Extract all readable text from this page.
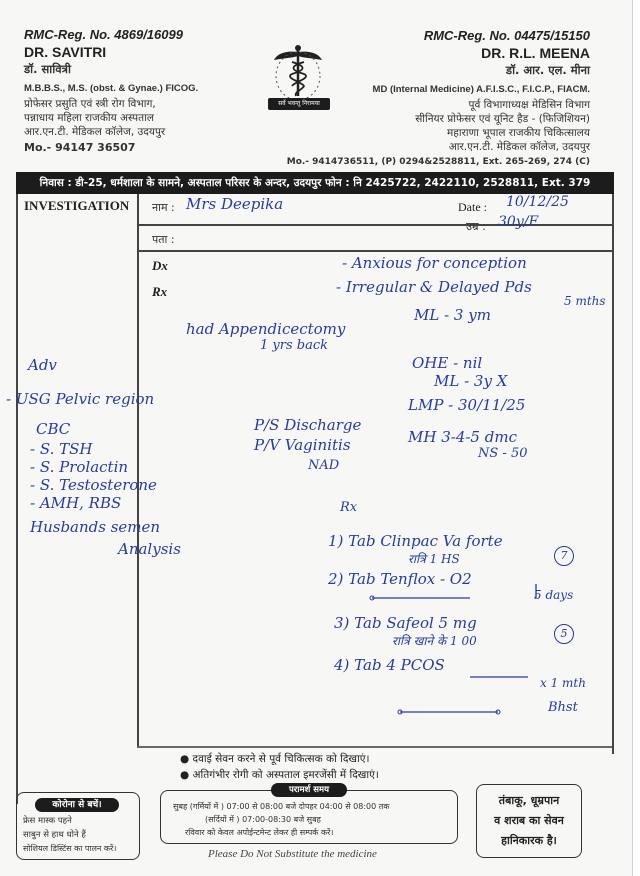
RMC-Reg. No. 4869/16099
DR. SAVITRI
डॉ. सावित्री
M.B.B.S., M.S. (obst. & Gynae.) FICOG.
प्रोफेसर प्रसुति एवं स्त्री रोग विभाग,
पन्नाधाय महिला राजकीय अस्पताल
आर.एन.टी. मेडिकल कॉलेज, उदयपुर
Mo.- 94147 36507
सर्वे भवन्तु निरामया
RMC-Reg. No. 04475/15150
DR. R.L. MEENA
डॉ. आर. एल. मीना
MD (Internal Medicine) A.F.I.S.C., F.I.C.P., FIACM.
पूर्व विभागाध्यक्ष मेडिसिन विभाग
सीनियर प्रोफेसर एवं यूनिट हैड - (फिजिशियन)
महाराणा भूपाल राजकीय चिकित्सालय
आर.एन.टी. मेडिकल कॉलेज, उदयपुर
Mo.- 9414736511, (P) 0294&2528811, Ext. 265-269, 274 (C)
निवास : डी-25, धर्मशाला के सामने, अस्पताल परिसर के अन्दर, उदयपुर फोन : नि 2425722, 2422110, 2528811, Ext. 379
INVESTIGATION नाम : Mrs Deepika	Date : 10/12/25
उम्र : 30y/F
पता :
Dx
Rx
- Anxious for conception
- Irregular & Delayed Pds
5 mths
ML - 3 ym
had Appendicectomy
1 yrs back
OHE - nil
ML - 3y X
LMP - 30/11/25
MH 3-4-5 dmc
NS - 50
P/S Discharge
P/V Vaginitis
NAD
Adv
- USG Pelvic region
CBC
- S. TSH
- S. Prolactin
- S. Testosterone
- AMH, RBS
Husbands semen
Analysis
Rx
1) Tab Clinpac Va forte
रात्रि 1 HS	7
2) Tab Tenflox - O2
5 days
3) Tab Safeol 5 mg
रात्रि खाने के 1 00
5
4) Tab 4 PCOS
x 1 mth
Bhst
● दवाई सेवन करने से पूर्व चिकित्सक को दिखाएं।
● अतिगंभीर रोगी को अस्पताल इमरजेंसी में दिखाएं।
कोरोना से बचें।
फ्रेस मास्क पहने
साबुन से हाथ धोने हैं
सोशियल डिस्टिंस का पालन करें।
परामर्श समय
सुबह (गर्मियों में ) 07:00 से 08:00 बजे दोपहर 04:00 से 08:00 तक
(सर्दियों में ) 07:00-08:30 बजे सुबह
रविवार को केवल अपोईन्टमेन्ट लेकर ही सम्पर्क करें।
Please Do Not Substitute the medicine
तंबाकू, धूम्रपान
व शराब का सेवन
हानिकारक है।
